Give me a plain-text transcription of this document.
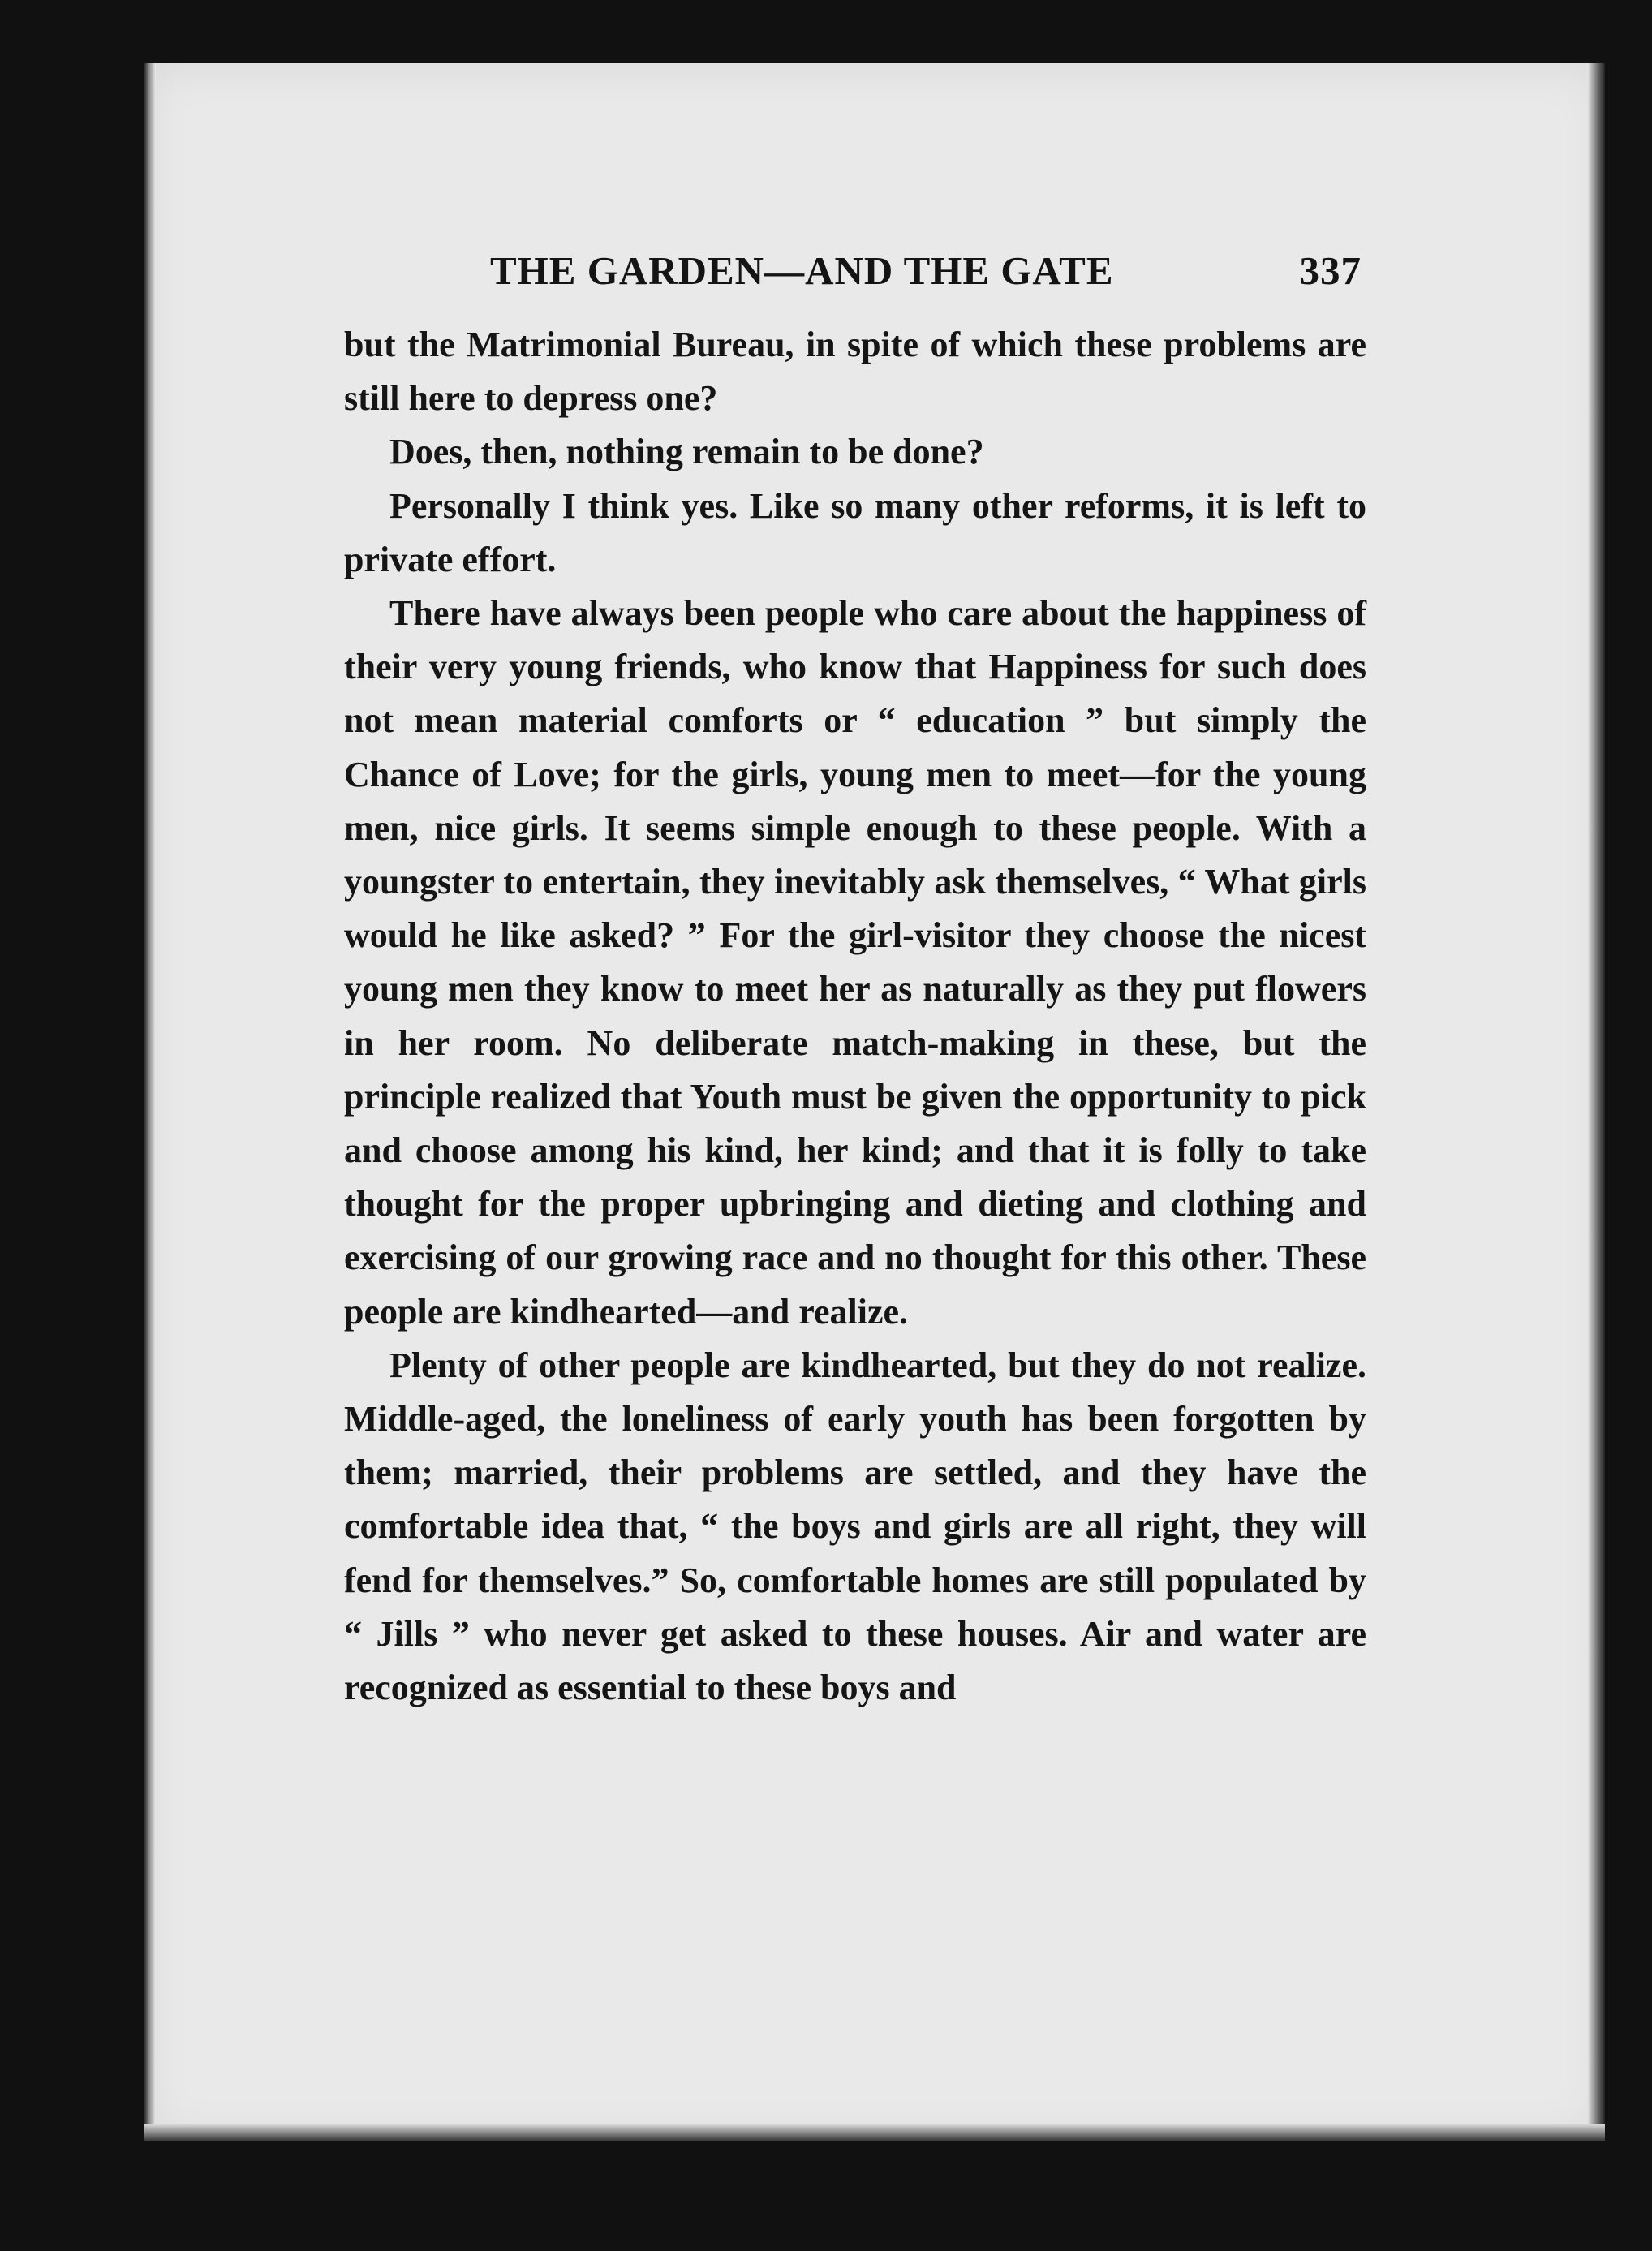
THE GARDEN—AND THE GATE	337

but the Matrimonial Bureau, in spite of which these problems are still here to depress one?

Does, then, nothing remain to be done?

Personally I think yes. Like so many other reforms, it is left to private effort.

There have always been people who care about the happiness of their very young friends, who know that Happiness for such does not mean material comforts or “ education ” but simply the Chance of Love; for the girls, young men to meet—for the young men, nice girls. It seems simple enough to these people. With a youngster to entertain, they inevitably ask themselves, “ What girls would he like asked? ” For the girl-visitor they choose the nicest young men they know to meet her as naturally as they put flowers in her room. No deliberate match-making in these, but the principle realized that Youth must be given the opportunity to pick and choose among his kind, her kind; and that it is folly to take thought for the proper upbringing and dieting and clothing and exercising of our growing race and no thought for this other. These people are kindhearted—and realize.

Plenty of other people are kindhearted, but they do not realize. Middle-aged, the loneliness of early youth has been forgotten by them; married, their problems are settled, and they have the comfortable idea that, “ the boys and girls are all right, they will fend for themselves.” So, comfortable homes are still populated by “ Jills ” who never get asked to these houses. Air and water are recognized as essential to these boys and
